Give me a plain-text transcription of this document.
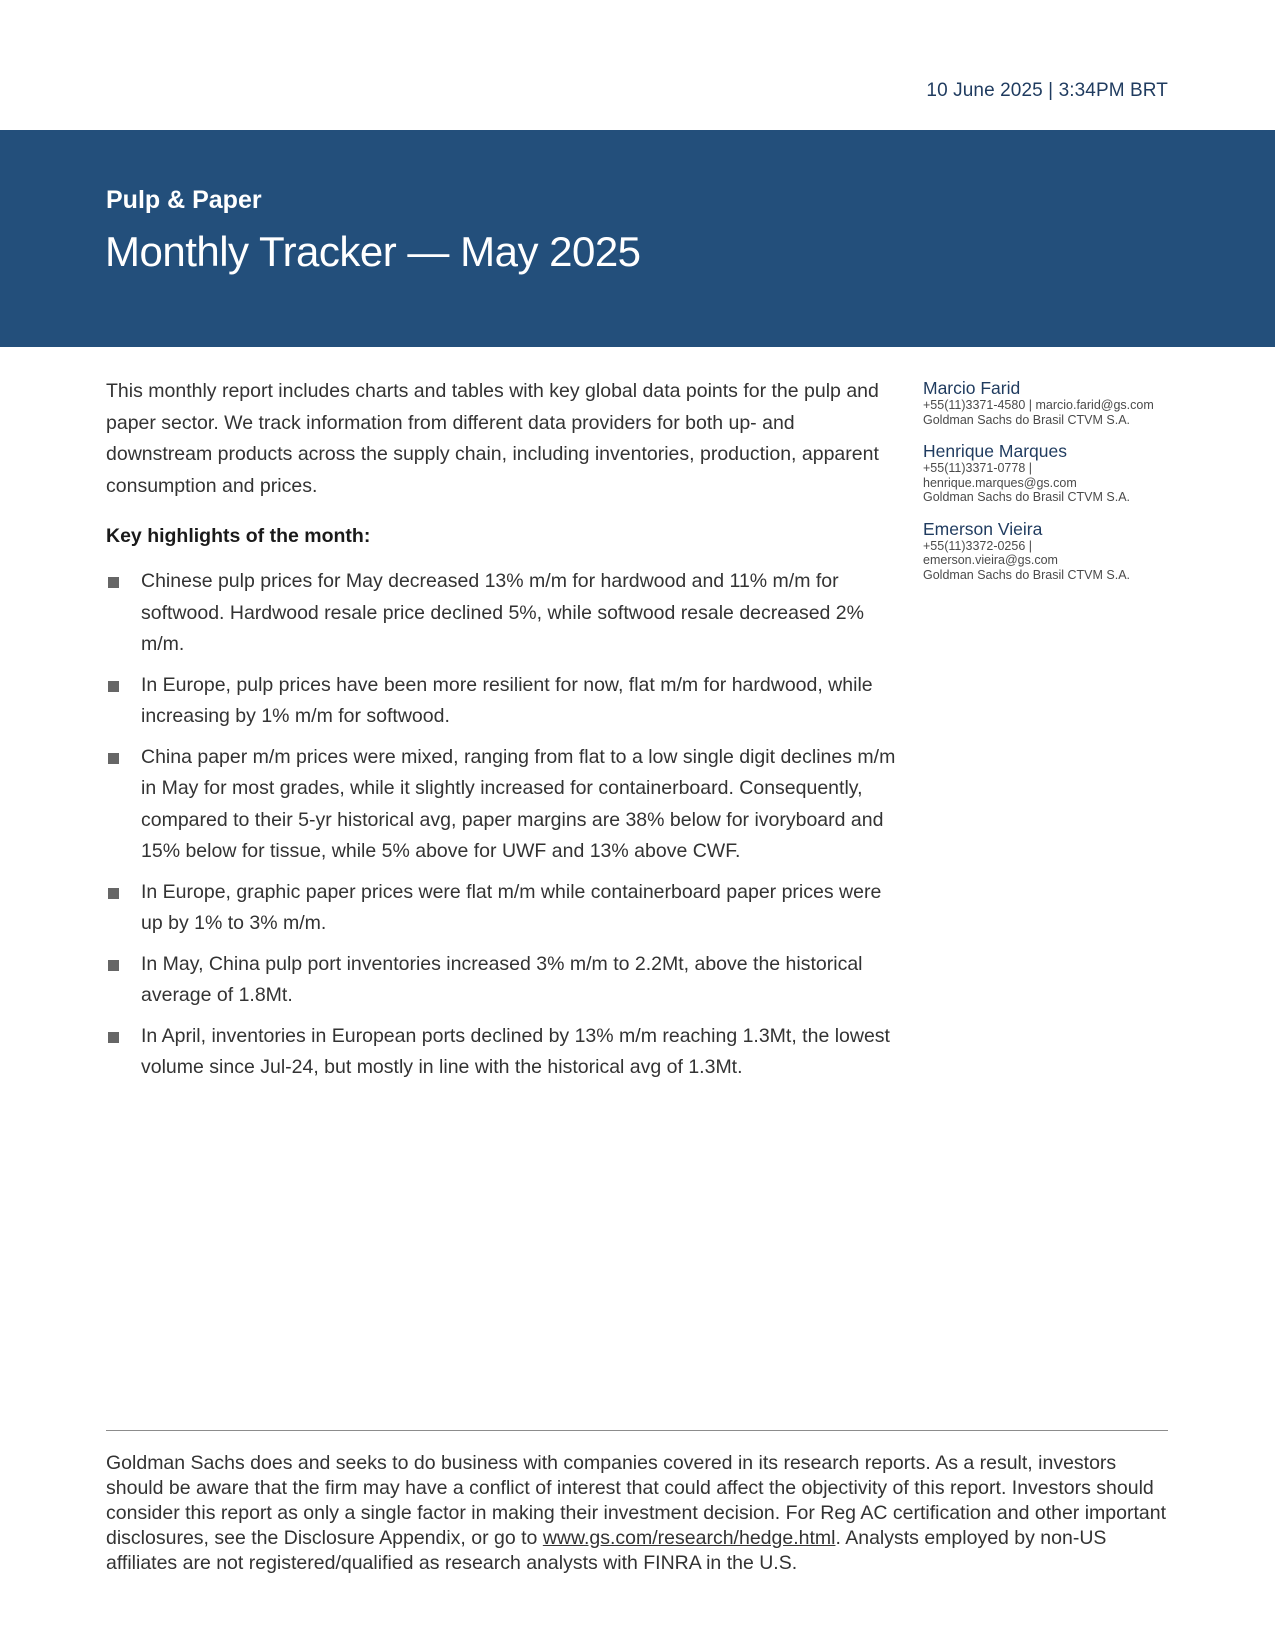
10 June 2025 | 3:34PM BRT
Pulp & Paper
Monthly Tracker — May 2025

This monthly report includes charts and tables with key global data points for the pulp and paper sector. We track information from different data providers for both up- and downstream products across the supply chain, including inventories, production, apparent consumption and prices.

Key highlights of the month:
Chinese pulp prices for May decreased 13% m/m for hardwood and 11% m/m for softwood. Hardwood resale price declined 5%, while softwood resale decreased 2% m/m.
In Europe, pulp prices have been more resilient for now, flat m/m for hardwood, while increasing by 1% m/m for softwood.
China paper m/m prices were mixed, ranging from flat to a low single digit declines m/m in May for most grades, while it slightly increased for containerboard. Consequently, compared to their 5-yr historical avg, paper margins are 38% below for ivoryboard and 15% below for tissue, while 5% above for UWF and 13% above CWF.
In Europe, graphic paper prices were flat m/m while containerboard paper prices were up by 1% to 3% m/m.
In May, China pulp port inventories increased 3% m/m to 2.2Mt, above the historical average of 1.8Mt.
In April, inventories in European ports declined by 13% m/m reaching 1.3Mt, the lowest volume since Jul-24, but mostly in line with the historical avg of 1.3Mt.
Marcio Farid
+55(11)3371-4580 | marcio.farid@gs.com
Goldman Sachs do Brasil CTVM S.A.
Henrique Marques
+55(11)3371-0778 |
henrique.marques@gs.com
Goldman Sachs do Brasil CTVM S.A.
Emerson Vieira
+55(11)3372-0256 |
emerson.vieira@gs.com
Goldman Sachs do Brasil CTVM S.A.

Goldman Sachs does and seeks to do business with companies covered in its research reports. As a result, investors should be aware that the firm may have a conflict of interest that could affect the objectivity of this report. Investors should consider this report as only a single factor in making their investment decision. For Reg AC certification and other important disclosures, see the Disclosure Appendix, or go to www.gs.com/research/hedge.html. Analysts employed by non-US affiliates are not registered/qualified as research analysts with FINRA in the U.S.
